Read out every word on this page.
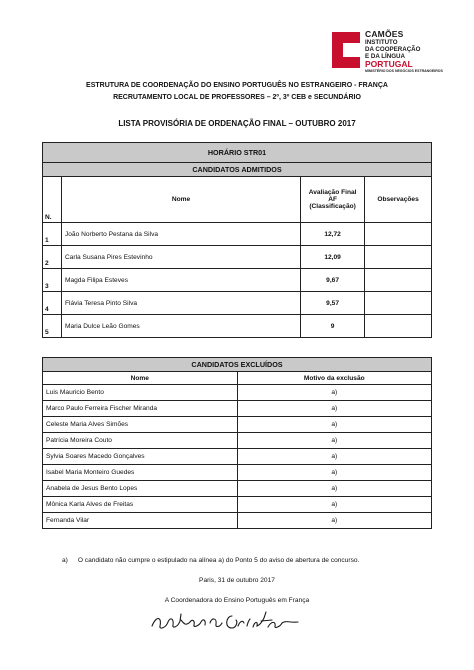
CAMÕES
INSTITUTO
DA COOPERAÇÃO
E DA LÍNGUA
PORTUGAL
MINISTÉRIO DOS NEGÓCIOS ESTRANGEIROS
ESTRUTURA DE COORDENAÇÃO DO ENSINO PORTUGUÊS NO ESTRANGEIRO - FRANÇA
RECRUTAMENTO LOCAL DE PROFESSORES – 2º, 3º CEB e SECUNDÁRIO
LISTA PROVISÓRIA DE ORDENAÇÃO FINAL – OUTUBRO 2017
HORÁRIO STR01			
CANDIDATOS ADMITIDOS			
N.	Nome	Avaliação Final AF (Classificação)	Observações
1	João Norberto Pestana da Silva	12,72	
2	Carla Susana Pires Estevinho	12,09	
3	Magda Filipa Esteves	9,67	
4	Flávia Teresa Pinto Silva	9,57	
5	Maria Dulce Leão Gomes	9	
CANDIDATOS EXCLUÍDOS	
Nome	Motivo da exclusão
Luis Mauricio Bento	a)
Marco Paulo Ferreira Fischer Miranda	a)
Celeste Maria Alves Simões	a)
Patrícia Moreira Couto	a)
Sylvia Soares Macedo Gonçalves	a)
Isabel Maria Monteiro Guedes	a)
Anabela de Jesus Bento Lopes	a)
Mônica Karla Alves de Freitas	a)
Fernanda Vilar	a)
a) O candidato não cumpre o estipulado na alínea a) do Ponto 5 do aviso de abertura de concurso.
Paris, 31 de outubro 2017
A Coordenadora do Ensino Português em França
